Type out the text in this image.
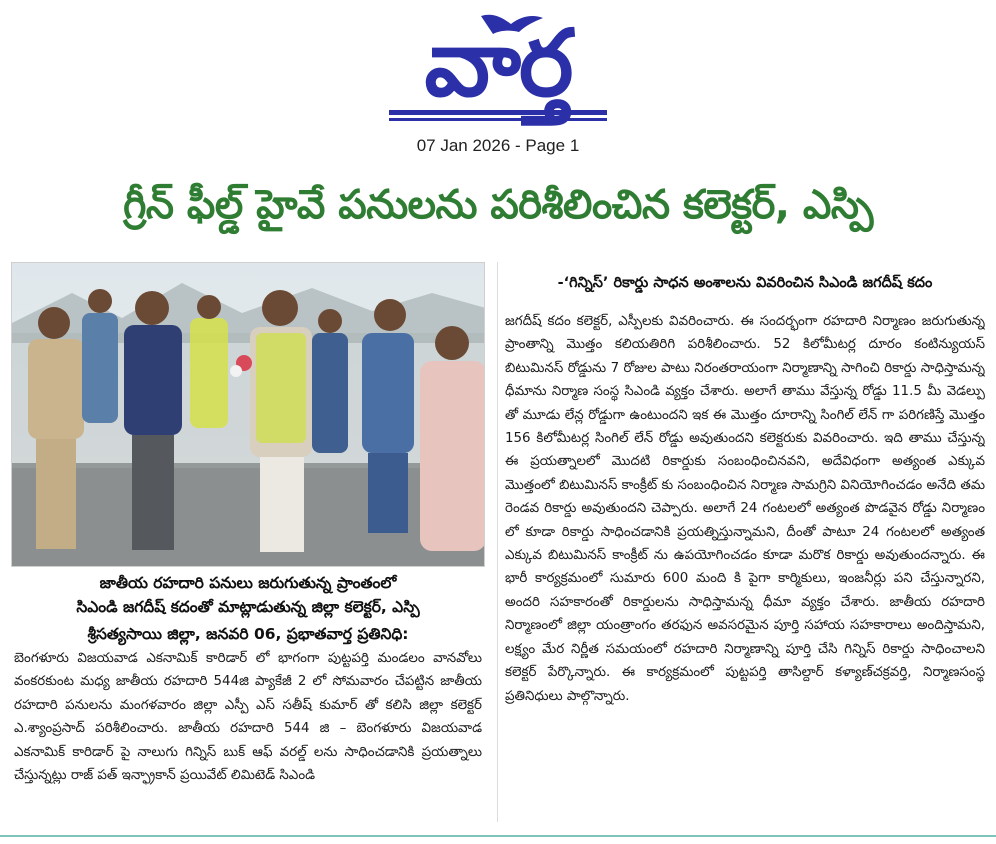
వార్త
07 Jan 2026 - Page 1
గ్రీన్ ఫీల్డ్ హైవే పనులను పరిశీలించిన కలెక్టర్, ఎస్పి
జాతీయ రహదారి పనులు జరుగుతున్న ప్రాంతంలో
సిఎండి జగదీష్ కదంతో మాట్లాడుతున్న జిల్లా కలెక్టర్, ఎస్పి
శ్రీసత్యసాయి జిల్లా, జనవరి 06, ప్రభాతవార్త ప్రతినిధి:
బెంగళూరు విజయవాడ ఎకనామిక్ కారిడార్ లో భాగంగా పుట్టపర్తి మండలం వానవోలు వంకరకుంట మధ్య జాతీయ రహదారి 544జి ప్యాకేజీ 2 లో సోమవారం చేపట్టిన జాతీయ రహదారి పనులను మంగళవారం జిల్లా ఎస్పీ ఎస్ సతీష్ కుమార్ తో కలిసి జిల్లా కలెక్టర్ ఎ.శ్యాంప్రసాద్ పరిశీలించారు. జాతీయ రహదారి 544 జి – బెంగళూరు విజయవాడ ఎకనామిక్ కారిడార్ పై నాలుగు గిన్నిస్ బుక్ ఆఫ్ వరల్డ్ లను సాధించడానికి ప్రయత్నాలు చేస్తున్నట్లు రాజ్ పత్ ఇన్ఫ్రాకాన్ ప్రయివేట్ లిమిటెడ్ సిఎండి
-‘గిన్నిస్’ రికార్డు సాధన అంశాలను వివరించిన సిఎండి జగదీష్ కదం
జగదీష్ కదం కలెక్టర్, ఎస్పీలకు వివరించారు. ఈ సందర్భంగా రహదారి నిర్మాణం జరుగుతున్న ప్రాంతాన్ని మొత్తం కలియతిరిగి పరిశీలించారు. 52 కిలోమీటర్ల దూరం కంటిన్యుయస్ బిటుమినస్ రోడ్డును 7 రోజుల పాటు నిరంతరాయంగా నిర్మాణాన్ని సాగించి రికార్డు సాధిస్తామన్న ధీమాను నిర్మాణ సంస్థ సిఎండి వ్యక్తం చేశారు. అలాగే తాము వేస్తున్న రోడ్డు 11.5 మీ వెడల్పు తో మూడు లేన్ల రోడ్డుగా ఉంటుందని ఇక ఈ మొత్తం దూరాన్ని సింగిల్ లేన్ గా పరిగణిస్తే మొత్తం 156 కిలోమీటర్ల సింగిల్ లేన్ రోడ్డు అవుతుందని కలెక్టరుకు వివరించారు. ఇది తాము చేస్తున్న ఈ ప్రయత్నాలలో మొదటి రికార్డుకు సంబంధించినవని, అదేవిధంగా అత్యంత ఎక్కువ మొత్తంలో బిటుమినస్ కాంక్రీట్ కు సంబంధించిన నిర్మాణ సామగ్రిని వినియోగించడం అనేది తమ రెండవ రికార్డు అవుతుందని చెప్పారు. అలాగే 24 గంటలలో అత్యంత పొడవైన రోడ్డు నిర్మాణం లో కూడా రికార్డు సాధించడానికి ప్రయత్నిస్తున్నామని, దీంతో పాటూ 24 గంటలలో అత్యంత ఎక్కువ బిటుమినస్ కాంక్రీట్ ను ఉపయోగించడం కూడా మరొక రికార్డు అవుతుందన్నారు. ఈ భారీ కార్యక్రమంలో సుమారు 600 మంది కి పైగా కార్మికులు, ఇంజనీర్లు పని చేస్తున్నారని, అందరి సహకారంతో రికార్డులను సాధిస్తామన్న ధీమా వ్యక్తం చేశారు. జాతీయ రహదారి నిర్మాణంలో జిల్లా యంత్రాంగం తరఫున అవసరమైన పూర్తి సహాయ సహకారాలు అందిస్తామని, లక్ష్యం మేర నిర్ణీత సమయంలో రహదారి నిర్మాణాన్ని పూర్తి చేసి గిన్నిస్ రికార్డు సాధించాలని కలెక్టర్ పేర్కొన్నారు. ఈ కార్యక్రమంలో పుట్టపర్తి తాసిల్దార్ కళ్యాణ్‌చక్రవర్తి, నిర్మాణసంస్థ ప్రతినిధులు పాల్గొన్నారు.
